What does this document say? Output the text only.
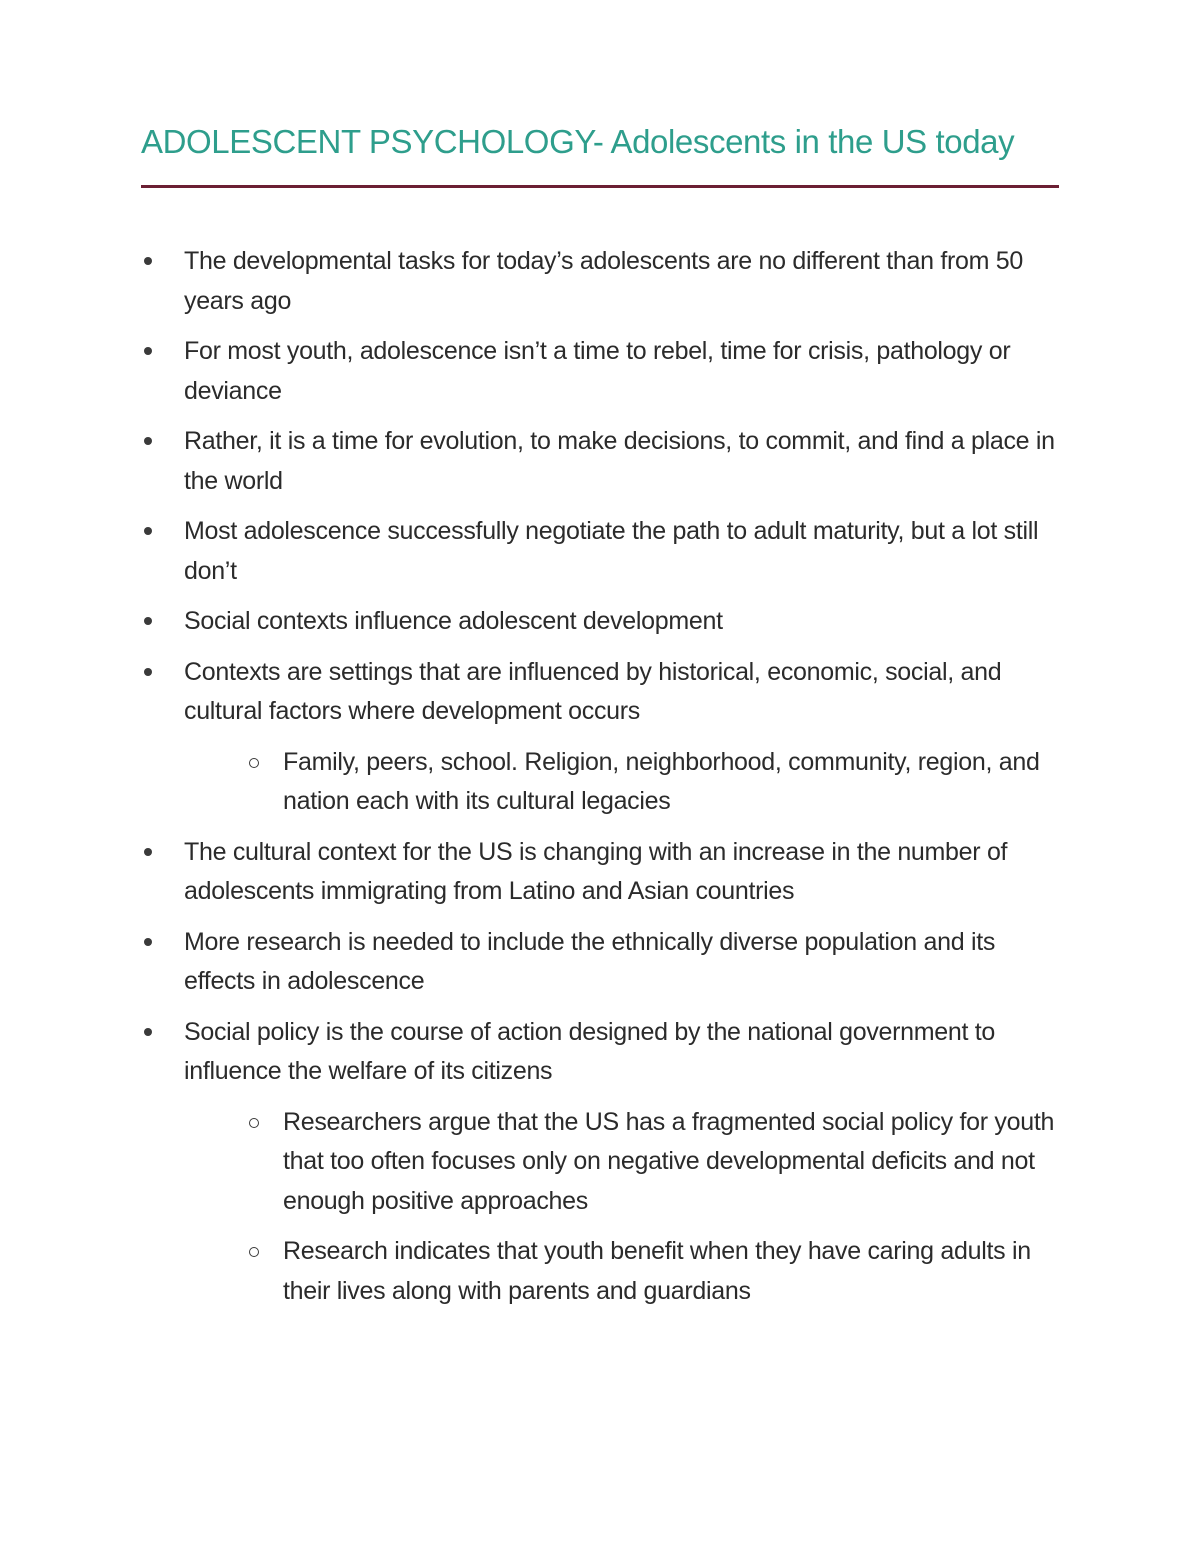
ADOLESCENT PSYCHOLOGY- Adolescents in the US today
The developmental tasks for today’s adolescents are no different than from 50 years ago
For most youth, adolescence isn’t a time to rebel, time for crisis, pathology or deviance
Rather, it is a time for evolution, to make decisions, to commit, and find a place in the world
Most adolescence successfully negotiate the path to adult maturity, but a lot still don’t
Social contexts influence adolescent development
Contexts are settings that are influenced by historical, economic, social, and cultural factors where development occurs
Family, peers, school. Religion, neighborhood, community, region, and nation each with its cultural legacies
The cultural context for the US is changing with an increase in the number of adolescents immigrating from Latino and Asian countries
More research is needed to include the ethnically diverse population and its effects in adolescence
Social policy is the course of action designed by the national government to influence the welfare of its citizens
Researchers argue that the US has a fragmented social policy for youth that too often focuses only on negative developmental deficits and not enough positive approaches
Research indicates that youth benefit when they have caring adults in their lives along with parents and guardians
